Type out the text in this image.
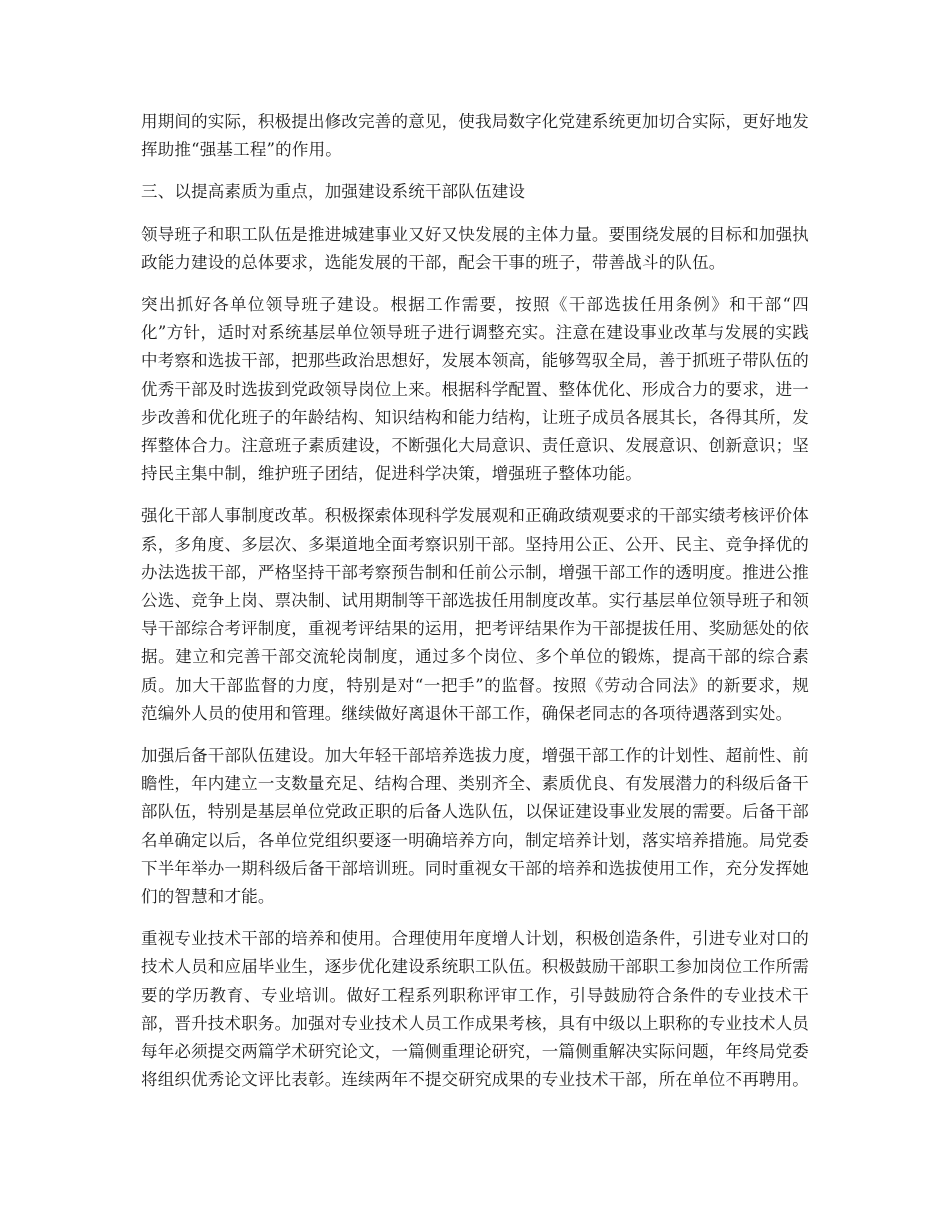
用期间的实际，积极提出修改完善的意见，使我局数字化党建系统更加切合实际，更好地发挥助推“强基工程”的作用。

三、以提高素质为重点，加强建设系统干部队伍建设

领导班子和职工队伍是推进城建事业又好又快发展的主体力量。要围绕发展的目标和加强执政能力建设的总体要求，选能发展的干部，配会干事的班子，带善战斗的队伍。

突出抓好各单位领导班子建设。根据工作需要，按照《干部选拔任用条例》和干部“四化”方针，适时对系统基层单位领导班子进行调整充实。注意在建设事业改革与发展的实践中考察和选拔干部，把那些政治思想好，发展本领高，能够驾驭全局，善于抓班子带队伍的优秀干部及时选拔到党政领导岗位上来。根据科学配置、整体优化、形成合力的要求，进一步改善和优化班子的年龄结构、知识结构和能力结构，让班子成员各展其长，各得其所，发挥整体合力。注意班子素质建设，不断强化大局意识、责任意识、发展意识、创新意识；坚持民主集中制，维护班子团结，促进科学决策，增强班子整体功能。

强化干部人事制度改革。积极探索体现科学发展观和正确政绩观要求的干部实绩考核评价体系，多角度、多层次、多渠道地全面考察识别干部。坚持用公正、公开、民主、竞争择优的办法选拔干部，严格坚持干部考察预告制和任前公示制，增强干部工作的透明度。推进公推公选、竞争上岗、票决制、试用期制等干部选拔任用制度改革。实行基层单位领导班子和领导干部综合考评制度，重视考评结果的运用，把考评结果作为干部提拔任用、奖励惩处的依据。建立和完善干部交流轮岗制度，通过多个岗位、多个单位的锻炼，提高干部的综合素质。加大干部监督的力度，特别是对“一把手”的监督。按照《劳动合同法》的新要求，规范编外人员的使用和管理。继续做好离退休干部工作，确保老同志的各项待遇落到实处。

加强后备干部队伍建设。加大年轻干部培养选拔力度，增强干部工作的计划性、超前性、前瞻性，年内建立一支数量充足、结构合理、类别齐全、素质优良、有发展潜力的科级后备干部队伍，特别是基层单位党政正职的后备人选队伍，以保证建设事业发展的需要。后备干部名单确定以后，各单位党组织要逐一明确培养方向，制定培养计划，落实培养措施。局党委下半年举办一期科级后备干部培训班。同时重视女干部的培养和选拔使用工作，充分发挥她们的智慧和才能。

重视专业技术干部的培养和使用。合理使用年度增人计划，积极创造条件，引进专业对口的技术人员和应届毕业生，逐步优化建设系统职工队伍。积极鼓励干部职工参加岗位工作所需要的学历教育、专业培训。做好工程系列职称评审工作，引导鼓励符合条件的专业技术干部，晋升技术职务。加强对专业技术人员工作成果考核，具有中级以上职称的专业技术人员每年必须提交两篇学术研究论文，一篇侧重理论研究，一篇侧重解决实际问题，年终局党委将组织优秀论文评比表彰。连续两年不提交研究成果的专业技术干部，所在单位不再聘用。
